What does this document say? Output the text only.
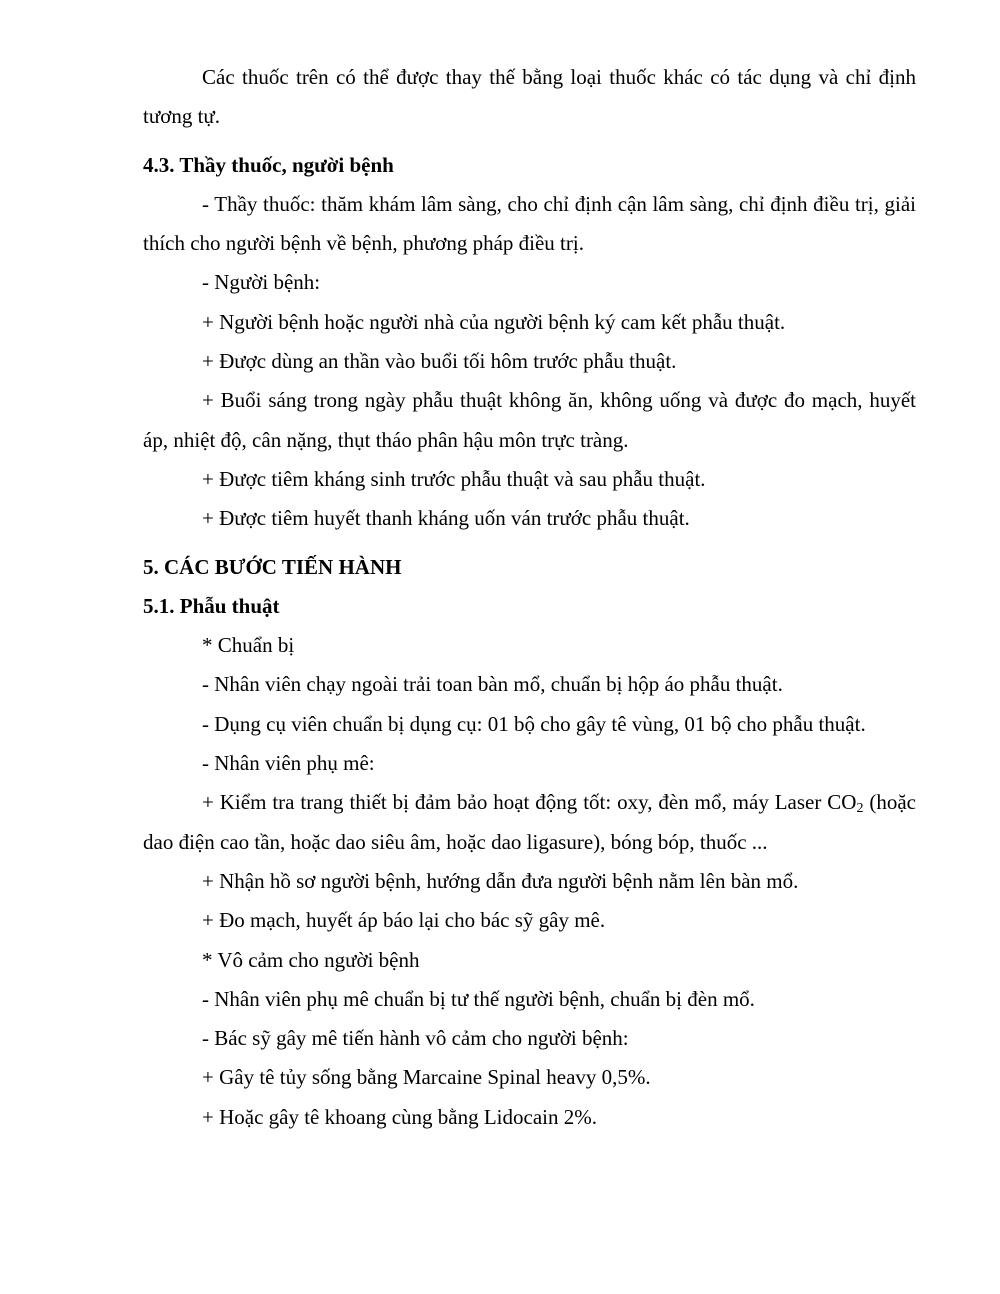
Các thuốc trên có thể được thay thế bằng loại thuốc khác có tác dụng và chỉ định tương tự.

4.3. Thầy thuốc, người bệnh

- Thầy thuốc: thăm khám lâm sàng, cho chỉ định cận lâm sàng, chỉ định điều trị, giải thích cho người bệnh về bệnh, phương pháp điều trị.

- Người bệnh:

+ Người bệnh hoặc người nhà của người bệnh ký cam kết phẫu thuật.

+ Được dùng an thần vào buổi tối hôm trước phẫu thuật.

+ Buổi sáng trong ngày phẫu thuật không ăn, không uống và được đo mạch, huyết áp, nhiệt độ, cân nặng, thụt tháo phân hậu môn trực tràng.

+ Được tiêm kháng sinh trước phẫu thuật và sau phẫu thuật.

+ Được tiêm huyết thanh kháng uốn ván trước phẫu thuật.

5. CÁC BƯỚC TIẾN HÀNH

5.1. Phẫu thuật

* Chuẩn bị

- Nhân viên chạy ngoài trải toan bàn mổ, chuẩn bị hộp áo phẫu thuật.

- Dụng cụ viên chuẩn bị dụng cụ: 01 bộ cho gây tê vùng, 01 bộ cho phẫu thuật.

- Nhân viên phụ mê:

+ Kiểm tra trang thiết bị đảm bảo hoạt động tốt: oxy, đèn mổ, máy Laser $CO_2$ (hoặc dao điện cao tần, hoặc dao siêu âm, hoặc dao ligasure), bóng bóp, thuốc ...

+ Nhận hồ sơ người bệnh, hướng dẫn đưa người bệnh nằm lên bàn mổ.

+ Đo mạch, huyết áp báo lại cho bác sỹ gây mê.

* Vô cảm cho người bệnh

- Nhân viên phụ mê chuẩn bị tư thế người bệnh, chuẩn bị đèn mổ.

- Bác sỹ gây mê tiến hành vô cảm cho người bệnh:

+ Gây tê tủy sống bằng Marcaine Spinal heavy 0,5%.

+ Hoặc gây tê khoang cùng bằng Lidocain 2%.
